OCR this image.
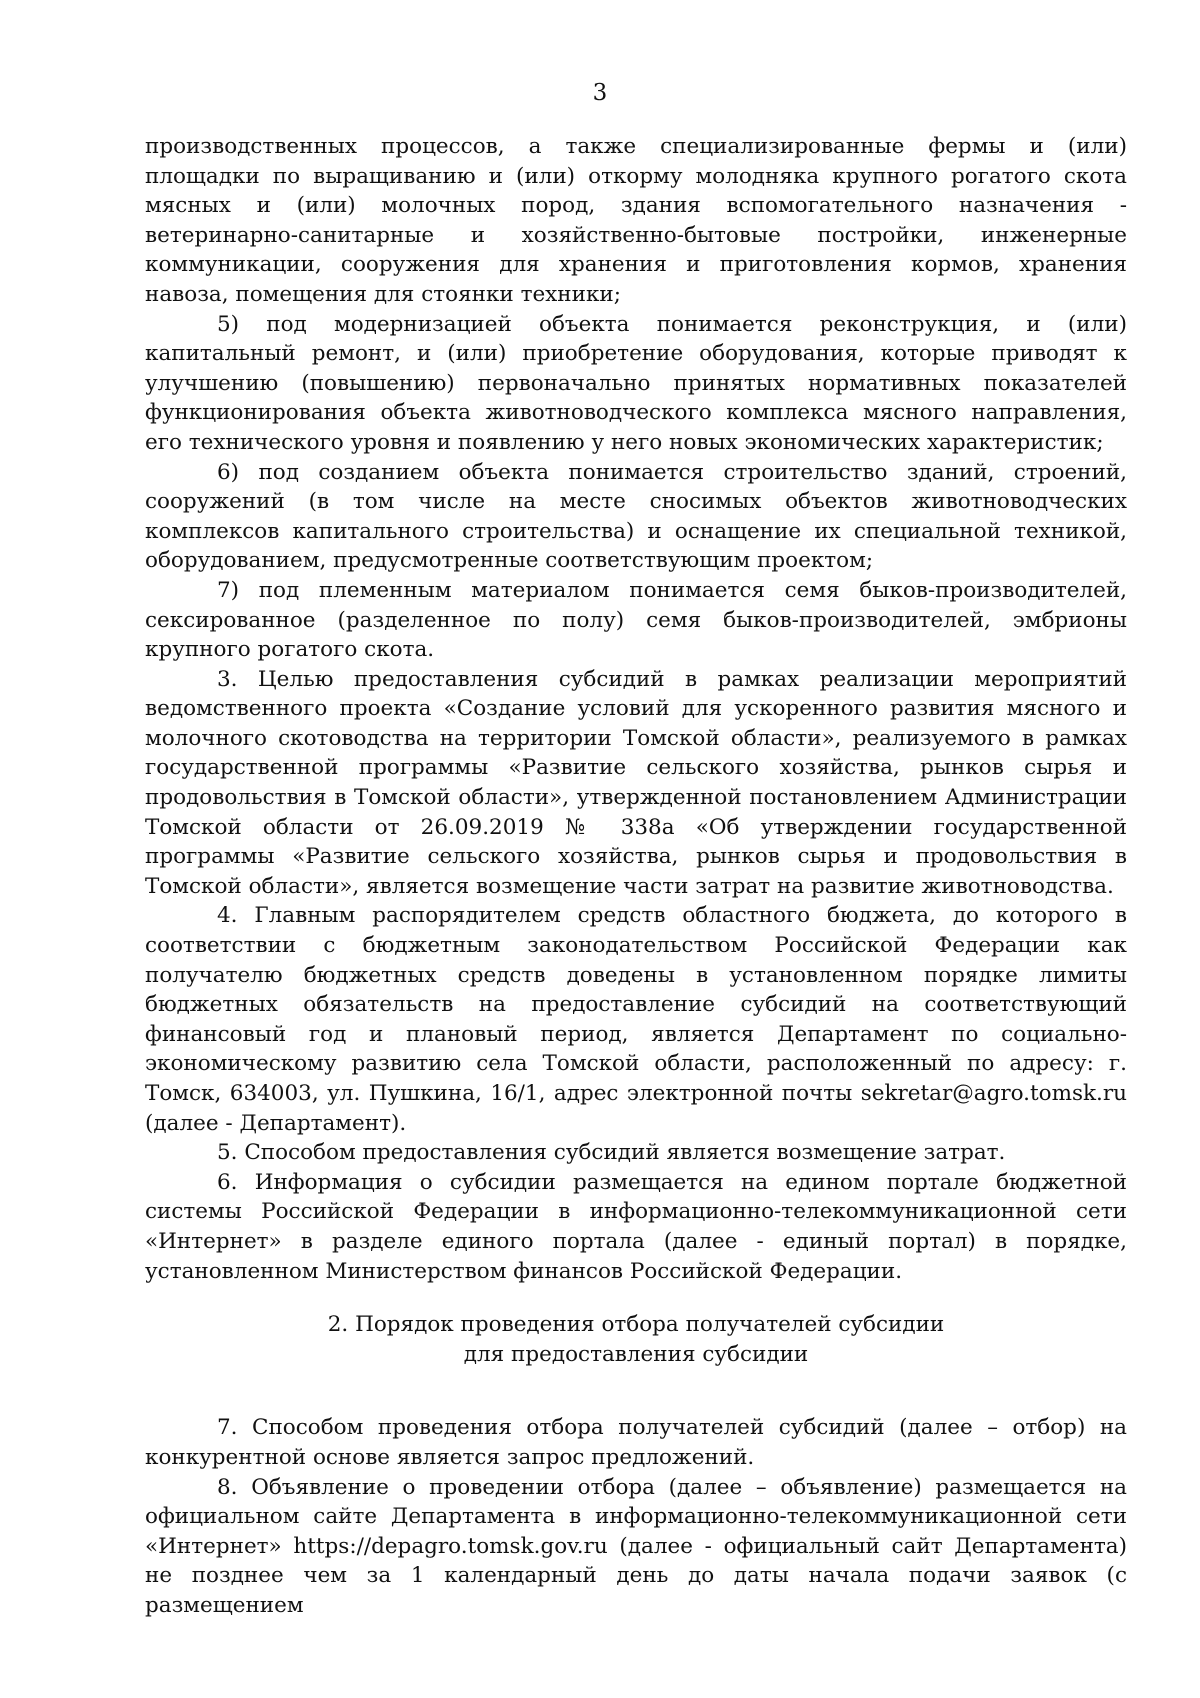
3

производственных процессов, а также специализированные фермы и (или) площадки по выращиванию и (или) откорму молодняка крупного рогатого скота мясных и (или) молочных пород, здания вспомогательного назначения - ветеринарно-санитарные и хозяйственно-бытовые постройки, инженерные коммуникации, сооружения для хранения и приготовления кормов, хранения навоза, помещения для стоянки техники;

5) под модернизацией объекта понимается реконструкция, и (или) капитальный ремонт, и (или) приобретение оборудования, которые приводят к улучшению (повышению) первоначально принятых нормативных показателей функционирования объекта животноводческого комплекса мясного направления, его технического уровня и появлению у него новых экономических характеристик;

6) под созданием объекта понимается строительство зданий, строений, сооружений (в том числе на месте сносимых объектов животноводческих комплексов капитального строительства) и оснащение их специальной техникой, оборудованием, предусмотренные соответствующим проектом;

7) под племенным материалом понимается семя быков-производителей, сексированное (разделенное по полу) семя быков-производителей, эмбрионы крупного рогатого скота.

3. Целью предоставления субсидий в рамках реализации мероприятий ведомственного проекта «Создание условий для ускоренного развития мясного и молочного скотоводства на территории Томской области», реализуемого в рамках государственной программы «Развитие сельского хозяйства, рынков сырья и продовольствия в Томской области», утвержденной постановлением Администрации Томской области от 26.09.2019 № 338а «Об утверждении государственной программы «Развитие сельского хозяйства, рынков сырья и продовольствия в Томской области», является возмещение части затрат на развитие животноводства.

4. Главным распорядителем средств областного бюджета, до которого в соответствии с бюджетным законодательством Российской Федерации как получателю бюджетных средств доведены в установленном порядке лимиты бюджетных обязательств на предоставление субсидий на соответствующий финансовый год и плановый период, является Департамент по социально-экономическому развитию села Томской области, расположенный по адресу: г. Томск, 634003, ул. Пушкина, 16/1, адрес электронной почты sekretar@agro.tomsk.ru (далее - Департамент).

5. Способом предоставления субсидий является возмещение затрат.

6. Информация о субсидии размещается на едином портале бюджетной системы Российской Федерации в информационно-телекоммуникационной сети «Интернет» в разделе единого портала (далее - единый портал) в порядке, установленном Министерством финансов Российской Федерации.

2. Порядок проведения отбора получателей субсидии
для предоставления субсидии

7. Способом проведения отбора получателей субсидий (далее – отбор) на конкурентной основе является запрос предложений.

8. Объявление о проведении отбора (далее – объявление) размещается на официальном сайте Департамента в информационно-телекоммуникационной сети «Интернет» https://depagro.tomsk.gov.ru (далее - официальный сайт Департамента) не позднее чем за 1 календарный день до даты начала подачи заявок (с размещением
